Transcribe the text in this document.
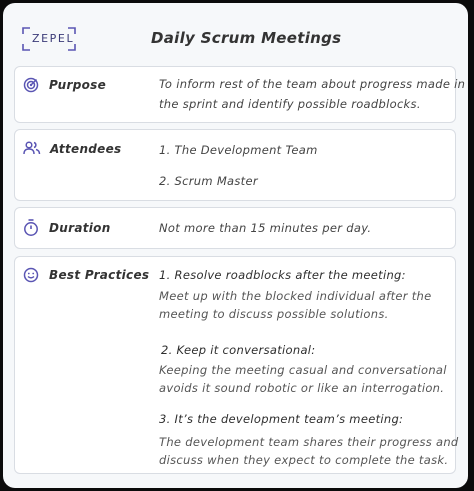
ZEPEL	Daily Scrum Meetings
Purpose	To inform rest of the team about progress made in
the sprint and identify possible roadblocks.
Attendees	1. The Development Team
2. Scrum Master
Duration	Not more than 15 minutes per day.
Best Practices 1. Resolve roadblocks after the meeting:
Meet up with the blocked individual after the
meeting to discuss possible solutions.
2. Keep it conversational:
Keeping the meeting casual and conversational
avoids it sound robotic or like an interrogation.
3. It’s the development team’s meeting:
The development team shares their progress and
discuss when they expect to complete the task.
